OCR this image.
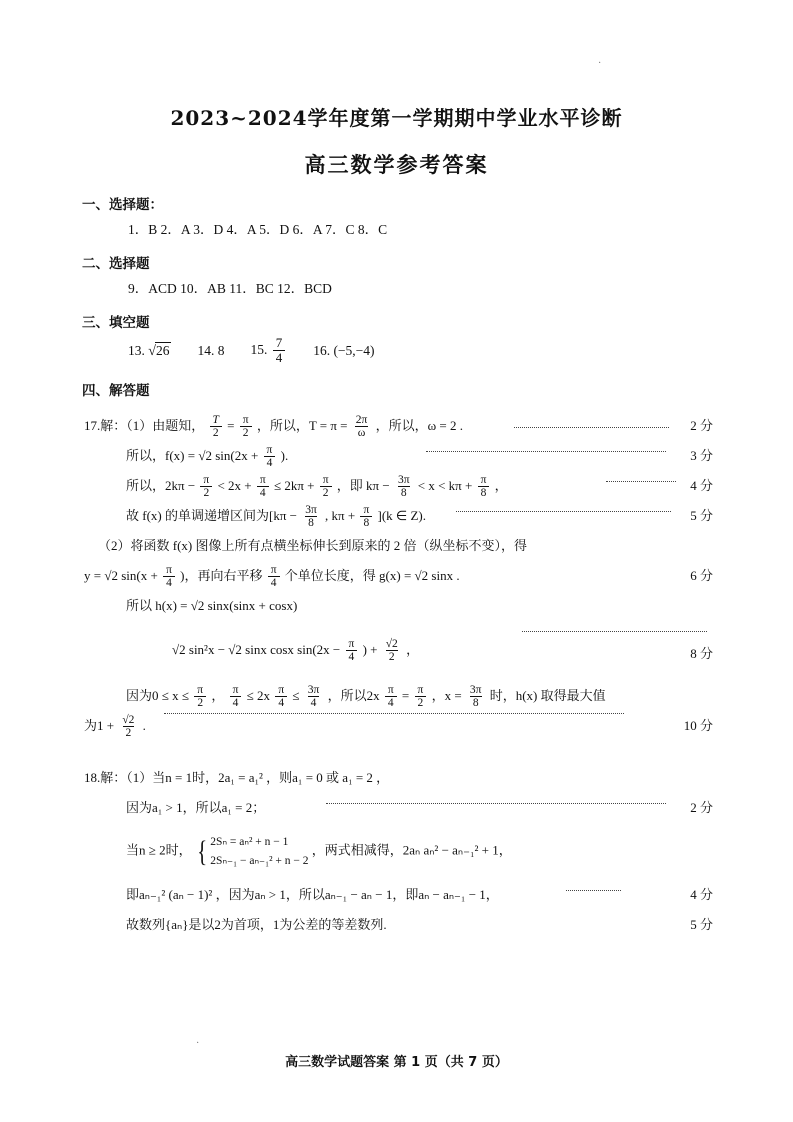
·
2023~2024学年度第一学期期中学业水平诊断
高三数学参考答案
一、选择题：
1．B 2．A 3．D 4．A 5．D 6．A 7．C 8．C
二、选择题
9．ACD 10．AB 11．BC 12．BCD
三、填空题
13. √26 14. 8 15. $\frac{7}{4} 16$. (−5,−4)
四、解答题
17.解：（1）由题知， $\frac{T}{2} = \frac{\pi}{2}$ ，所以，$T = \pi = \frac{2\pi}{\omega}$ ，所以，ω = 2 .	2 分
所以，f(x) = √2 $\sin(2x + \frac{\pi}{4}$ ).	3 分
所以，$2k\pi - \frac{\pi}{2} < 2x + \frac{\pi}{4} \le 2k\pi + \frac{\pi}{2}$ ，即 $k\pi - \frac{3\pi}{8} < x < k\pi + \frac{\pi}{8}$ ，	4 分
故 f(x) 的单调递增区间为[$k\pi - \frac{3\pi}{8}$ , $k\pi + \frac{\pi}{8} ](k$ ∈ Z).	5 分
（2）将函数 f(x) 图像上所有点横坐标伸长到原来的 2 倍（纵坐标不变），得
y = √2 $\sin(x + \frac{\pi}{4}$ )，再向右平移 $\frac{\pi}{4}$ 个单位长度，得 g(x) = √2 sinx .	6 分
所以 h(x) = √2 sinx(sinx + cosx)
√2 sin²x − √2 sinx cosx $\sin(2x - \frac{\pi}{4}$ ) + $\frac{√2}{2}$ ，	8 分
因为$0 \le x \le \frac{\pi}{2}$ ， $\frac{\pi}{4} \le 2x \frac{\pi}{4} \le \frac{3\pi}{4}$ ，所以$2x \frac{\pi}{4} = \frac{\pi}{2}$ ，$x = \frac{3\pi}{8}$ 时，h(x) 取得最大值
为$1 + \frac{√2}{2}$ .	10 分
18.解：（1）当n = 1时，2a₁ = a₁² ，则a₁ = 0 或 a₁ = 2 ，
因为a₁ > 1，所以a₁ = 2；	2 分
当n ≥ 2时， { 2Sₙ = aₙ² + n − 1
2Sₙ₋₁ − aₙ₋₁² + n − 2
，两式相减得，2aₙ aₙ² − aₙ₋₁² + 1，
即aₙ₋₁² (aₙ − 1)² ，因为aₙ > 1，所以aₙ₋₁ − aₙ − 1，即aₙ − aₙ₋₁ − 1，	4 分
故数列{aₙ}是以2为首项，1为公差的等差数列.	5 分
高三数学试题答案 第 1 页（共 7 页）
·
